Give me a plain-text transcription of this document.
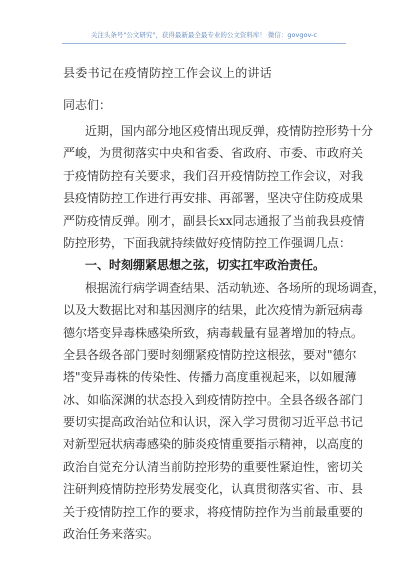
关注头条号"公文研究"，获得最新最全最专业的公文资料库！ 微信：govgov-c
县委书记在疫情防控工作会议上的讲话
同志们：
近期，国内部分地区疫情出现反弹，疫情防控形势十分
严峻，为贯彻落实中央和省委、省政府、市委、市政府关
于疫情防控有关要求，我们召开疫情防控工作会议，对我
县疫情防控工作进行再安排、再部署，坚决守住防疫成果
严防疫情反弹。刚才，副县长xx同志通报了当前我县疫情
防控形势，下面我就持续做好疫情防控工作强调几点：
一、时刻绷紧思想之弦，切实扛牢政治责任。
根据流行病学调查结果、活动轨迹、各场所的现场调查，
以及大数据比对和基因测序的结果，此次疫情为新冠病毒
德尔塔变异毒株感染所致，病毒载量有显著增加的特点。
全县各级各部门要时刻绷紧疫情防控这根弦，要对"德尔
塔"变异毒株的传染性、传播力高度重视起来，以如履薄
冰、如临深渊的状态投入到疫情防控中。全县各级各部门
要切实提高政治站位和认识，深入学习贯彻习近平总书记
对新型冠状病毒感染的肺炎疫情重要指示精神，以高度的
政治自觉充分认清当前防控形势的重要性紧迫性，密切关
注研判疫情防控形势发展变化，认真贯彻落实省、市、县
关于疫情防控工作的要求，将疫情防控作为当前最重要的
政治任务来落实。
